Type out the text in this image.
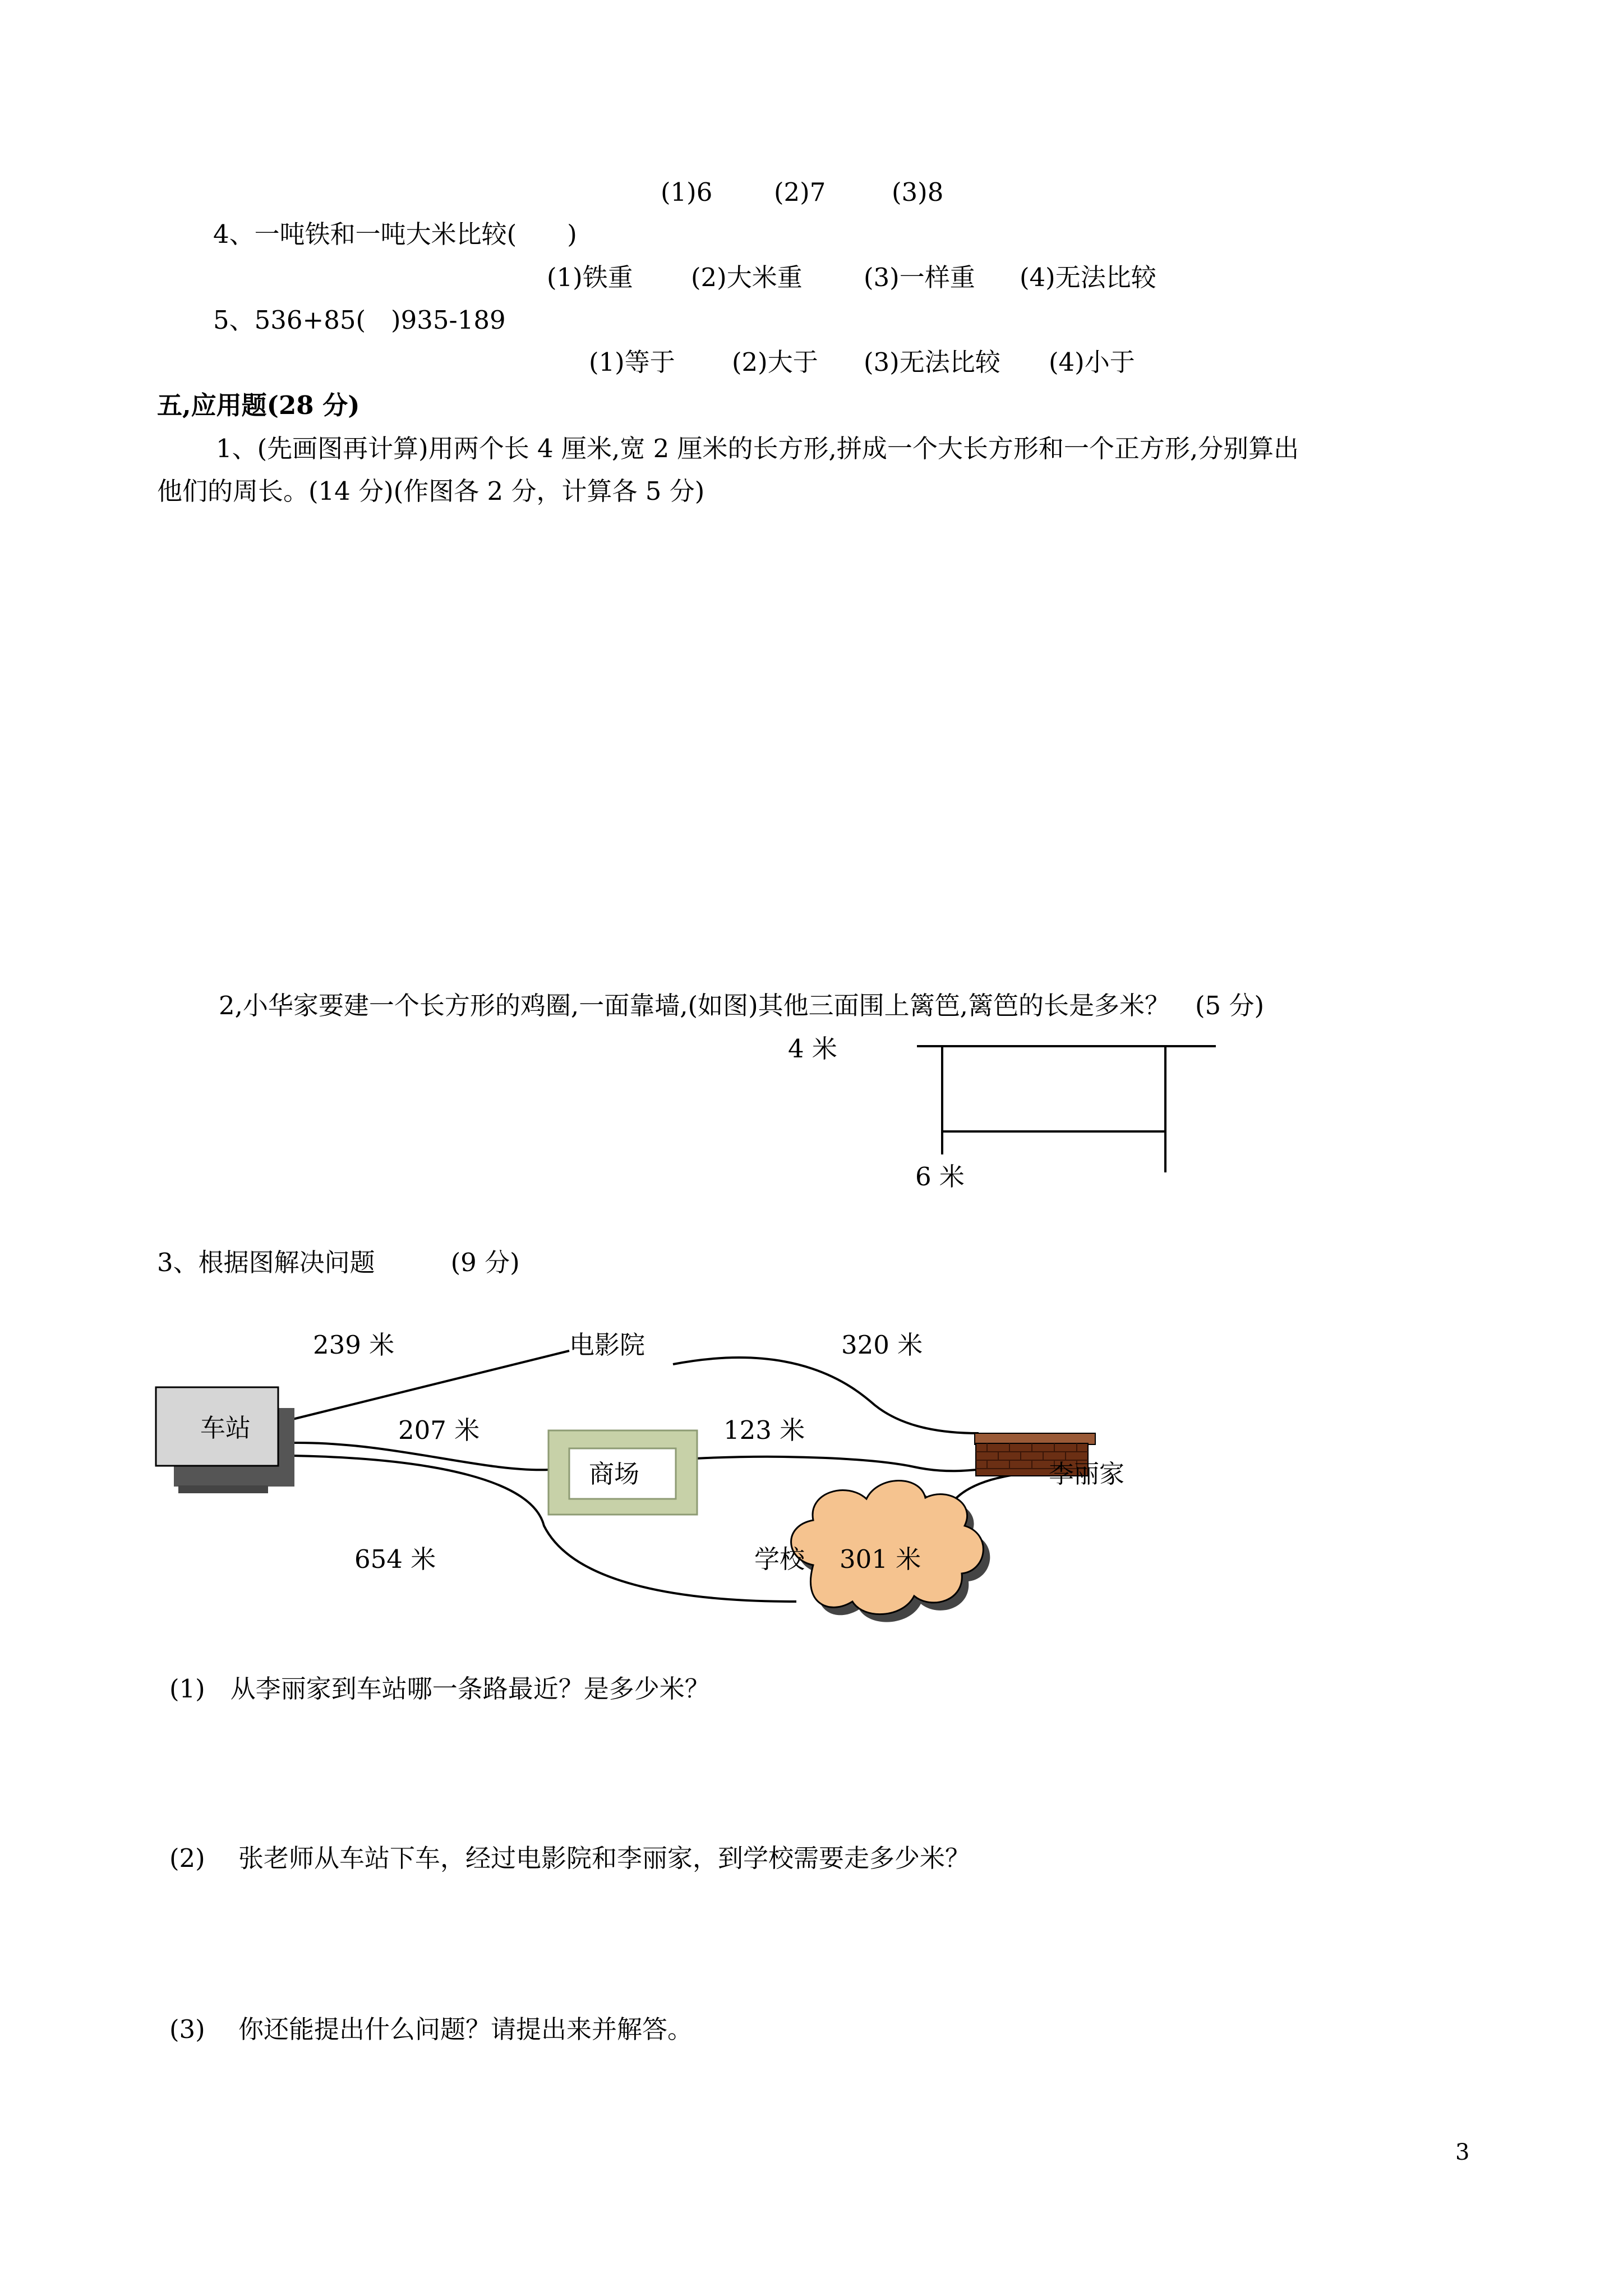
(1)6 (2)7	(3)8
4、一吨铁和一吨大米比较(　　)
(1)铁重 (2)大米重 (3)一样重 (4)无法比较
5、536+85(　)935-189
(1)等于 (2)大于 (3)无法比较 (4)小于
五,应用题(28 分)
1、(先画图再计算)用两个长 4 厘米,宽 2 厘米的长方形,拼成一个大长方形和一个正方形,分别算出
他们的周长。(14 分)(作图各 2 分，计算各 5 分)
2,小华家要建一个长方形的鸡圈,一面靠墙,(如图)其他三面围上篱笆,篱笆的长是多米？　(5 分)
4 米
6 米
3、根据图解决问题　　　(9 分)
车站
商场
电影院
李丽家
学校
239 米	320 米
207 米	123 米
654 米	301 米
(1)　从李丽家到车站哪一条路最近？是多少米？
(2)　 张老师从车站下车，经过电影院和李丽家，到学校需要走多少米？
(3)　 你还能提出什么问题？请提出来并解答。
3
